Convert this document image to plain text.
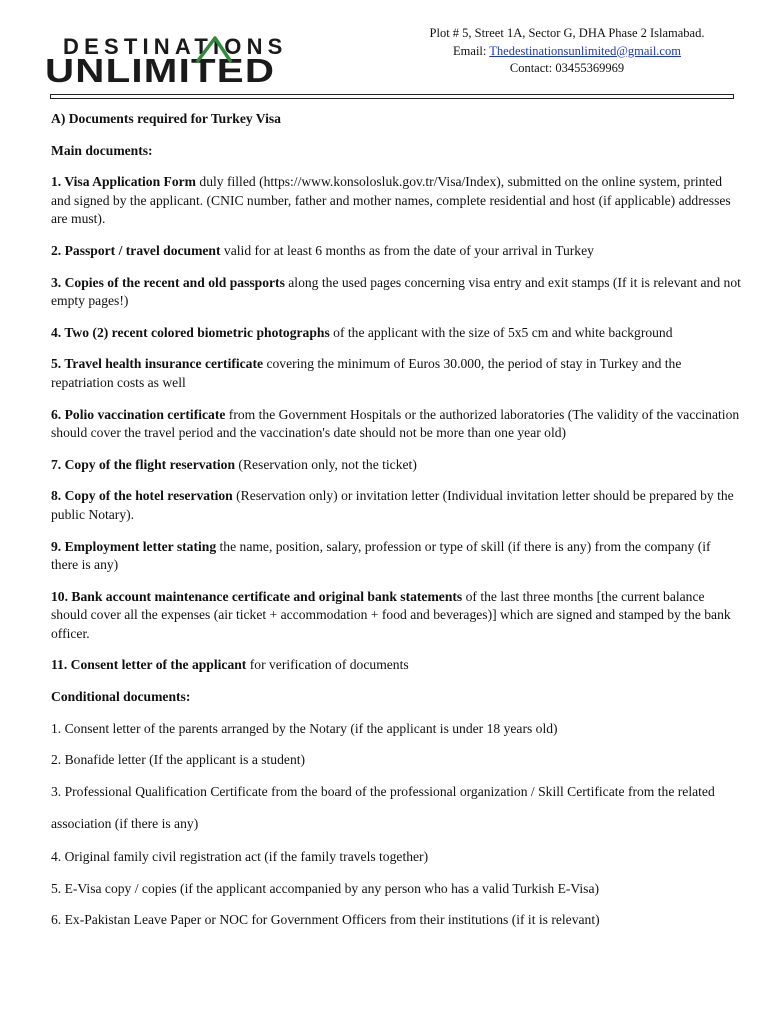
DESTINATIONS
UNLIMITED
Plot # 5, Street 1A, Sector G, DHA Phase 2 Islamabad.
Email: Thedestinationsunlimited@gmail.com
Contact: 03455369969

A) Documents required for Turkey Visa

Main documents:

1. Visa Application Form duly filled (https://www.konsolosluk.gov.tr/Visa/Index), submitted on the online system, printed and signed by the applicant. (CNIC number, father and mother names, complete residential and host (if applicable) addresses are must).

2. Passport / travel document valid for at least 6 months as from the date of your arrival in Turkey

3. Copies of the recent and old passports along the used pages concerning visa entry and exit stamps (If it is relevant and not empty pages!)

4. Two (2) recent colored biometric photographs of the applicant with the size of 5x5 cm and white background

5. Travel health insurance certificate covering the minimum of Euros 30.000, the period of stay in Turkey and the repatriation costs as well

6. Polio vaccination certificate from the Government Hospitals or the authorized laboratories (The validity of the vaccination should cover the travel period and the vaccination's date should not be more than one year old)

7. Copy of the flight reservation (Reservation only, not the ticket)

8. Copy of the hotel reservation (Reservation only) or invitation letter (Individual invitation letter should be prepared by the public Notary).

9. Employment letter stating the name, position, salary, profession or type of skill (if there is any) from the company (if there is any)

10. Bank account maintenance certificate and original bank statements of the last three months [the current balance should cover all the expenses (air ticket + accommodation + food and beverages)] which are signed and stamped by the bank officer.

11. Consent letter of the applicant for verification of documents

Conditional documents:

1. Consent letter of the parents arranged by the Notary (if the applicant is under 18 years old)

2. Bonafide letter (If the applicant is a student)

3. Professional Qualification Certificate from the board of the professional organization / Skill Certificate from the related

association (if there is any)

4. Original family civil registration act (if the family travels together)

5. E-Visa copy / copies (if the applicant accompanied by any person who has a valid Turkish E-Visa)

6. Ex-Pakistan Leave Paper or NOC for Government Officers from their institutions (if it is relevant)
